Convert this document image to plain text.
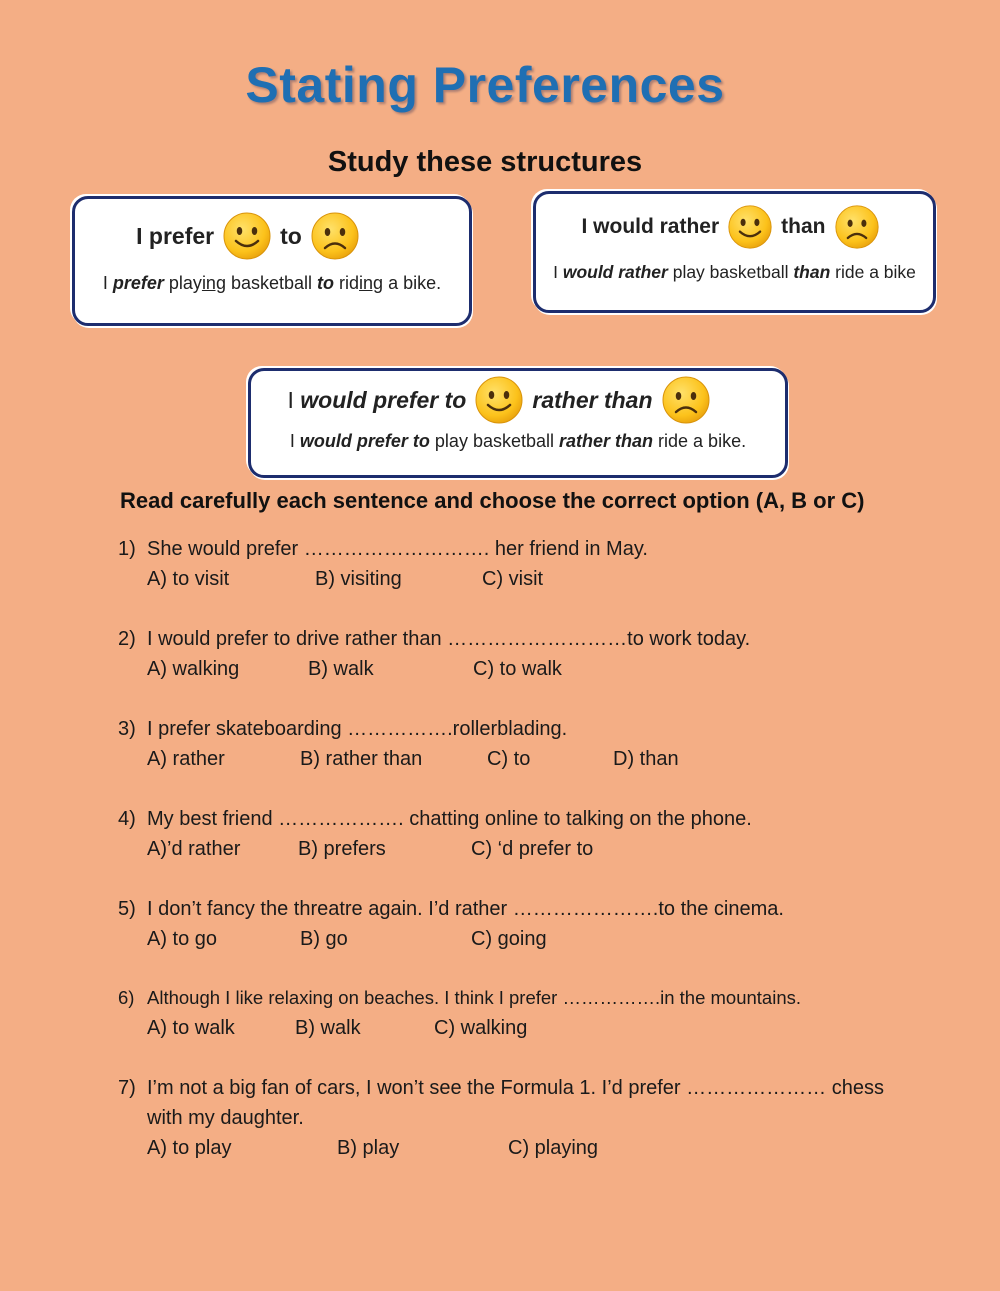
Stating Preferences
Study these structures
I prefer	to
I prefer play ing basketball to rid ing a bike.
I would rather	than
I would rather play basketball than ride a bike
I would prefer to	rather than
I would prefer to play basketball rather than ride a bike.

Read carefully each sentence and choose the correct option (A, B or C)

1) She would prefer ………………………. her friend in May.
A) to visit	B) visiting	C) visit
2) I would prefer to drive rather than ………………………to work today.
A) walking	B) walk	C) to walk
3) I prefer skateboarding …………….rollerblading.
A) rather	B) rather than	C) to	D) than
4) My best friend ………………. chatting online to talking on the phone.
A)’d rather	B) prefers	C) ‘d prefer to
5) I don’t fancy the threatre again. I’d rather ………………….to the cinema.
A) to go	B) go	C) going
6) Although I like relaxing on beaches. I think I prefer …………….in the mountains.
A) to walk	B) walk	C) walking
7) I’m not a big fan of cars, I won’t see the Formula 1. I’d prefer ………………… chess
with my daughter.
A) to play	B) play	C) playing
